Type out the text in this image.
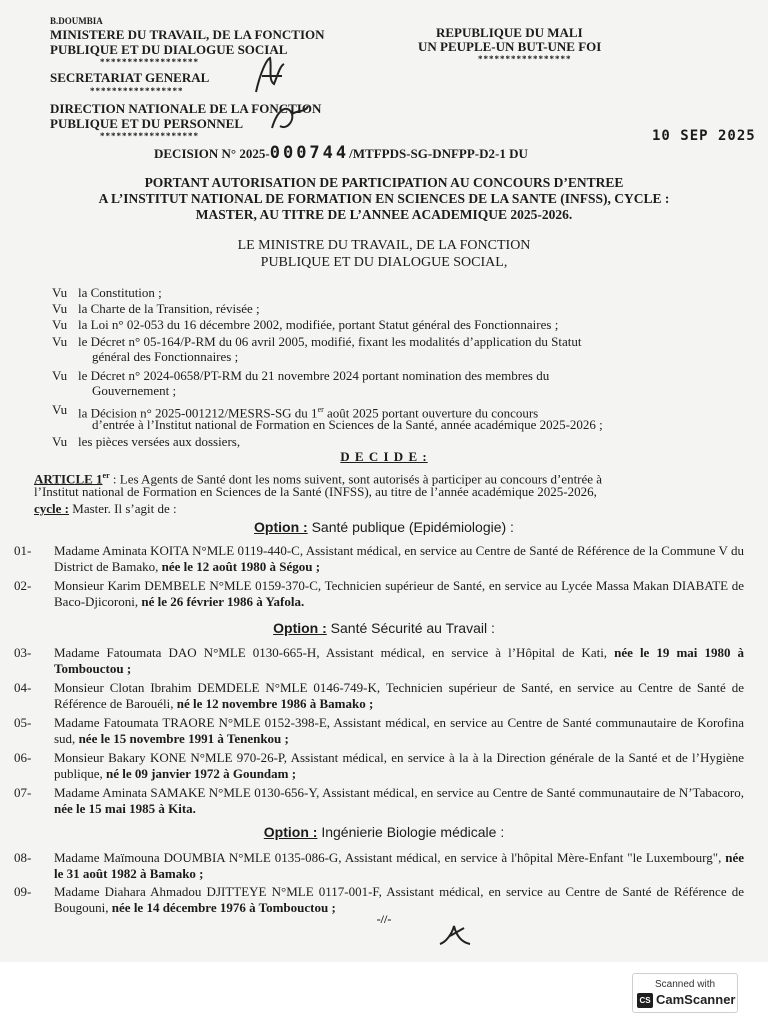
B.DOUMBIA
MINISTERE DU TRAVAIL, DE LA FONCTION
PUBLIQUE ET DU DIALOGUE SOCIAL
******************
SECRETARIAT GENERAL
*****************
DIRECTION NATIONALE DE LA FONCTION
PUBLIQUE ET DU PERSONNEL
******************
REPUBLIQUE DU MALI
UN PEUPLE-UN BUT-UNE FOI
*****************
DECISION N° 2025-000744/MTFPDS-SG-DNFPP-D2-1 DU
10 SEP 2025
PORTANT AUTORISATION DE PARTICIPATION AU CONCOURS D’ENTREE
A L’INSTITUT NATIONAL DE FORMATION EN SCIENCES DE LA SANTE (INFSS), CYCLE :
MASTER, AU TITRE DE L’ANNEE ACADEMIQUE 2025-2026.
LE MINISTRE DU TRAVAIL, DE LA FONCTION
PUBLIQUE ET DU DIALOGUE SOCIAL,
Vu la Constitution ;
Vu la Charte de la Transition, révisée ;
Vu la Loi n° 02-053 du 16 décembre 2002, modifiée, portant Statut général des Fonctionnaires ;
Vu le Décret n° 05-164/P-RM du 06 avril 2005, modifié, fixant les modalités d’application du Statut
général des Fonctionnaires ;
Vu le Décret n° 2024-0658/PT-RM du 21 novembre 2024 portant nomination des membres du
Gouvernement ;
Vu la Décision n° 2025-001212/MESRS-SG du 1er août 2025 portant ouverture du concours
d’entrée à l’Institut national de Formation en Sciences de la Santé, année académique 2025-2026 ;
Vu les pièces versées aux dossiers,
D E C I D E :
ARTICLE 1er : Les Agents de Santé dont les noms suivent, sont autorisés à participer au concours d’entrée à
l’Institut national de Formation en Sciences de la Santé (INFSS), au titre de l’année académique 2025-2026,
cycle : Master. Il s’agit de :
Option : Santé publique (Epidémiologie) :
01- Madame Aminata KOITA N°MLE 0119-440-C, Assistant médical, en service au Centre de Santé de Référence de la Commune V du District de Bamako, née le 12 août 1980 à Ségou ;
02- Monsieur Karim DEMBELE N°MLE 0159-370-C, Technicien supérieur de Santé, en service au Lycée Massa Makan DIABATE de Baco-Djicoroni, né le 26 février 1986 à Yafola.
Option : Santé Sécurité au Travail :
03- Madame Fatoumata DAO N°MLE 0130-665-H, Assistant médical, en service à l’Hôpital de Kati, née le 19 mai 1980 à Tombouctou ;
04- Monsieur Clotan Ibrahim DEMDELE N°MLE 0146-749-K, Technicien supérieur de Santé, en service au Centre de Santé de Référence de Barouéli, né le 12 novembre 1986 à Bamako ;
05- Madame Fatoumata TRAORE N°MLE 0152-398-E, Assistant médical, en service au Centre de Santé communautaire de Korofina sud, née le 15 novembre 1991 à Tenenkou ;
06- Monsieur Bakary KONE N°MLE 970-26-P, Assistant médical, en service à la à la Direction générale de la Santé et de l’Hygiène publique, né le 09 janvier 1972 à Goundam ;
07- Madame Aminata SAMAKE N°MLE 0130-656-Y, Assistant médical, en service au Centre de Santé communautaire de N’Tabacoro, née le 15 mai 1985 à Kita.
Option : Ingénierie Biologie médicale :
08- Madame Maïmouna DOUMBIA N°MLE 0135-086-G, Assistant médical, en service à l'hôpital Mère-Enfant "le Luxembourg", née le 31 août 1982 à Bamako ;
09- Madame Diahara Ahmadou DJITTEYE N°MLE 0117-001-F, Assistant médical, en service au Centre de Santé de Référence de Bougouni, née le 14 décembre 1976 à Tombouctou ;
-//-
Scanned with
CS CamScanner
